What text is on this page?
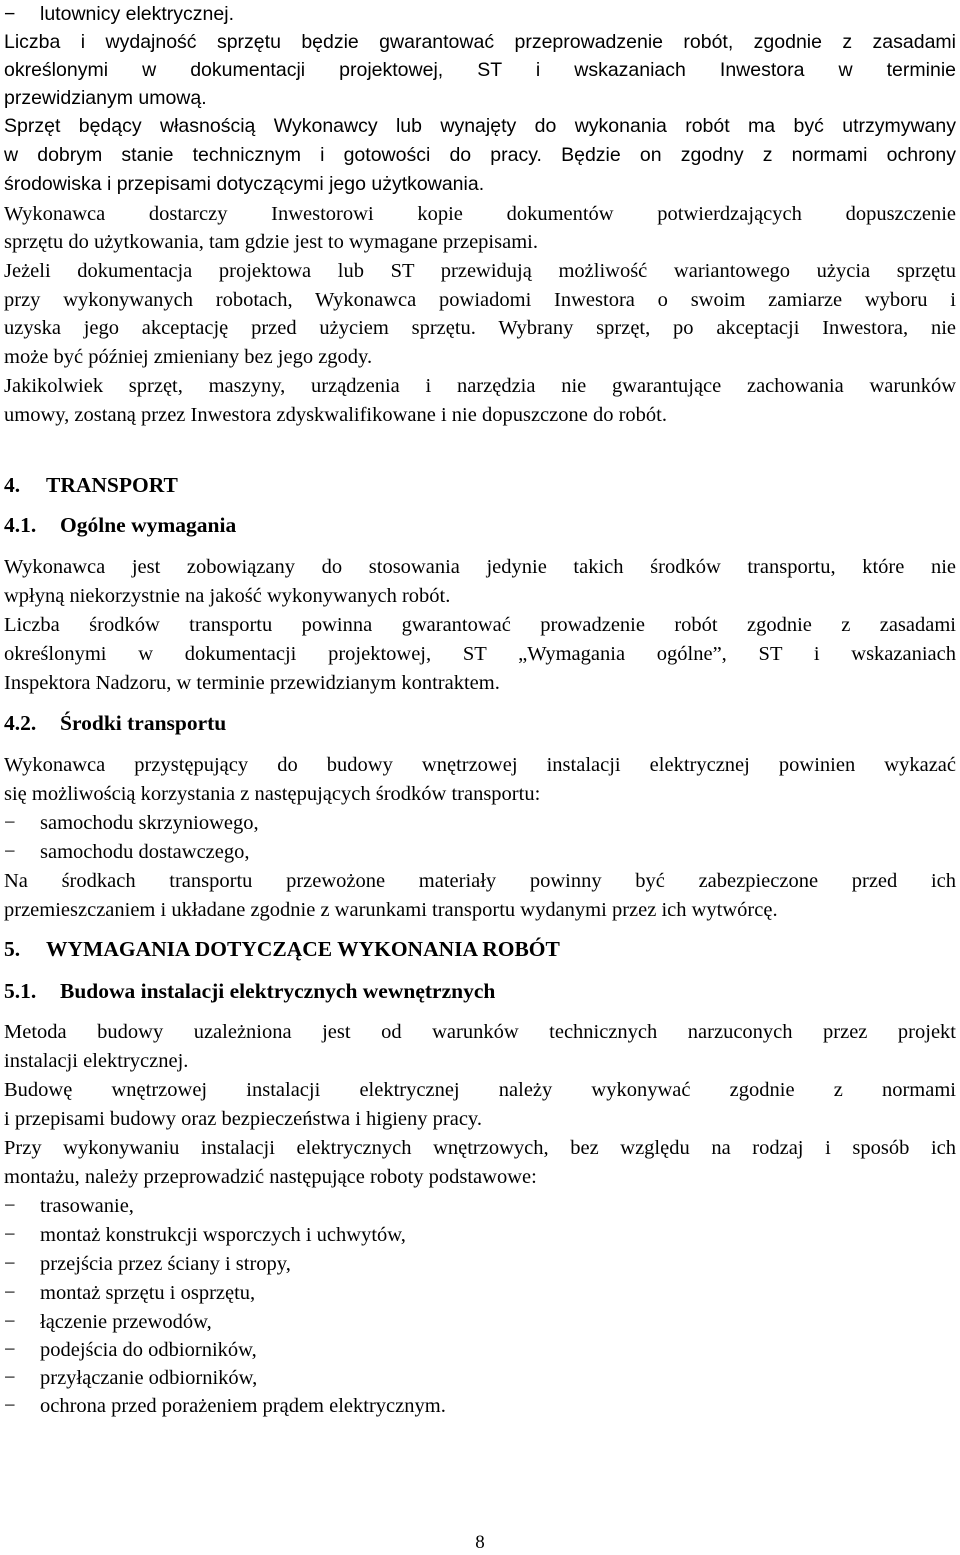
−	lutownicy elektrycznej.
Liczba i wydajność sprzętu będzie gwarantować przeprowadzenie robót, zgodnie z zasadami
określonymi w dokumentacji projektowej, ST i wskazaniach Inwestora w terminie
przewidzianym umową.
Sprzęt będący własnością Wykonawcy lub wynajęty do wykonania robót ma być utrzymywany
w dobrym stanie technicznym i gotowości do pracy. Będzie on zgodny z normami ochrony
środowiska i przepisami dotyczącymi jego użytkowania.
Wykonawca dostarczy Inwestorowi kopie dokumentów potwierdzających dopuszczenie
sprzętu do użytkowania, tam gdzie jest to wymagane przepisami.
Jeżeli dokumentacja projektowa lub ST przewidują możliwość wariantowego użycia sprzętu
przy wykonywanych robotach, Wykonawca powiadomi Inwestora o swoim zamiarze wyboru i
uzyska jego akceptację przed użyciem sprzętu. Wybrany sprzęt, po akceptacji Inwestora, nie
może być później zmieniany bez jego zgody.
Jakikolwiek sprzęt, maszyny, urządzenia i narzędzia nie gwarantujące zachowania warunków
umowy, zostaną przez Inwestora zdyskwalifikowane i nie dopuszczone do robót.
4. TRANSPORT
4.1. Ogólne wymagania
Wykonawca jest zobowiązany do stosowania jedynie takich środków transportu, które nie
wpłyną niekorzystnie na jakość wykonywanych robót.
Liczba środków transportu powinna gwarantować prowadzenie robót zgodnie z zasadami
określonymi w dokumentacji projektowej, ST „Wymagania ogólne”, ST i wskazaniach
Inspektora Nadzoru, w terminie przewidzianym kontraktem.
4.2. Środki transportu
Wykonawca przystępujący do budowy wnętrzowej instalacji elektrycznej powinien wykazać
się możliwością korzystania z następujących środków transportu:
−	samochodu skrzyniowego,
−	samochodu dostawczego,
Na środkach transportu przewożone materiały powinny być zabezpieczone przed ich
przemieszczaniem i układane zgodnie z warunkami transportu wydanymi przez ich wytwórcę.
5. WYMAGANIA DOTYCZĄCE WYKONANIA ROBÓT
5.1. Budowa instalacji elektrycznych wewnętrznych
Metoda budowy uzależniona jest od warunków technicznych narzuconych przez projekt
instalacji elektrycznej.
Budowę wnętrzowej instalacji elektrycznej należy wykonywać zgodnie z normami
i przepisami budowy oraz bezpieczeństwa i higieny pracy.
Przy wykonywaniu instalacji elektrycznych wnętrzowych, bez względu na rodzaj i sposób ich
montażu, należy przeprowadzić następujące roboty podstawowe:
−	trasowanie,
−	montaż konstrukcji wsporczych i uchwytów,
−	przejścia przez ściany i stropy,
−	montaż sprzętu i osprzętu,
−	łączenie przewodów,
−	podejścia do odbiorników,
−	przyłączanie odbiorników,
−	ochrona przed porażeniem prądem elektrycznym.
8
